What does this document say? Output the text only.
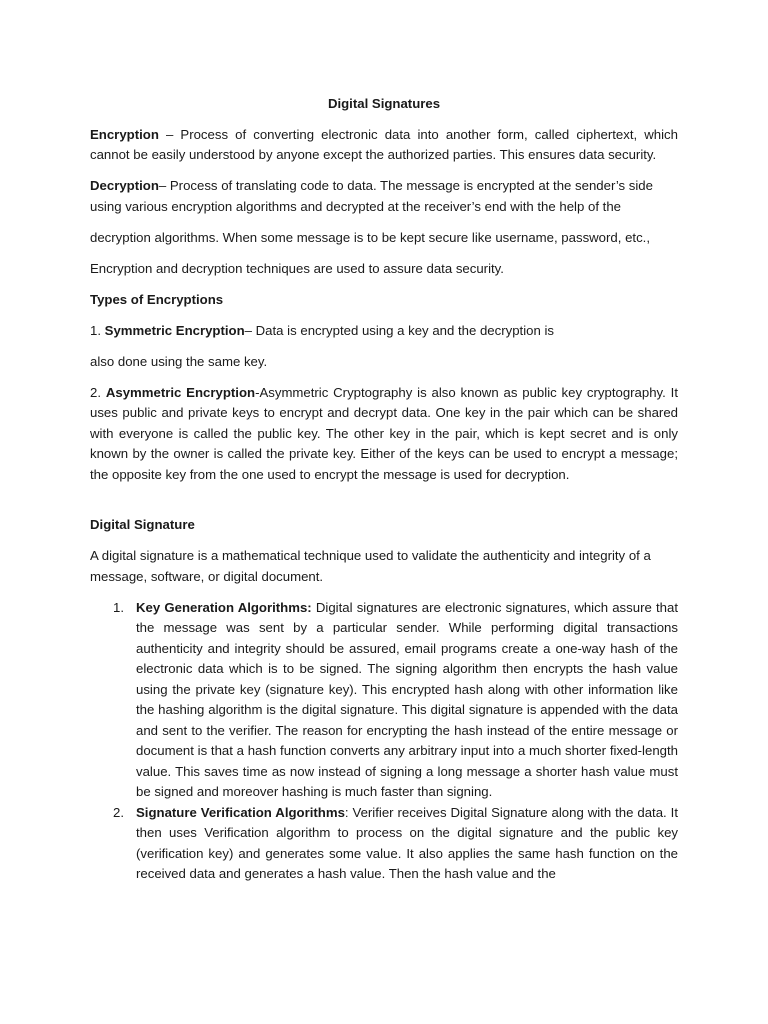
Digital Signatures

Encryption – Process of converting electronic data into another form, called ciphertext, which cannot be easily understood by anyone except the authorized parties. This ensures data security.

Decryption– Process of translating code to data. The message is encrypted at the sender’s side using various encryption algorithms and decrypted at the receiver’s end with the help of the

decryption algorithms. When some message is to be kept secure like username, password, etc.,

Encryption and decryption techniques are used to assure data security.

Types of Encryptions

1. Symmetric Encryption– Data is encrypted using a key and the decryption is

also done using the same key.

2. Asymmetric Encryption-Asymmetric Cryptography is also known as public key cryptography. It uses public and private keys to encrypt and decrypt data. One key in the pair which can be shared with everyone is called the public key. The other key in the pair, which is kept secret and is only known by the owner is called the private key. Either of the keys can be used to encrypt a message; the opposite key from the one used to encrypt the message is used for decryption.

Digital Signature

A digital signature is a mathematical technique used to validate the authenticity and integrity of a message, software, or digital document.

1. Key Generation Algorithms: Digital signatures are electronic signatures, which assure that the message was sent by a particular sender. While performing digital transactions authenticity and integrity should be assured, email programs create a one-way hash of the electronic data which is to be signed. The signing algorithm then encrypts the hash value using the private key (signature key). This encrypted hash along with other information like the hashing algorithm is the digital signature. This digital signature is appended with the data and sent to the verifier. The reason for encrypting the hash instead of the entire message or document is that a hash function converts any arbitrary input into a much shorter fixed-length value. This saves time as now instead of signing a long message a shorter hash value must be signed and moreover hashing is much faster than signing.
2. Signature Verification Algorithms: Verifier receives Digital Signature along with the data. It then uses Verification algorithm to process on the digital signature and the public key (verification key) and generates some value. It also applies the same hash function on the received data and generates a hash value. Then the hash value and the
